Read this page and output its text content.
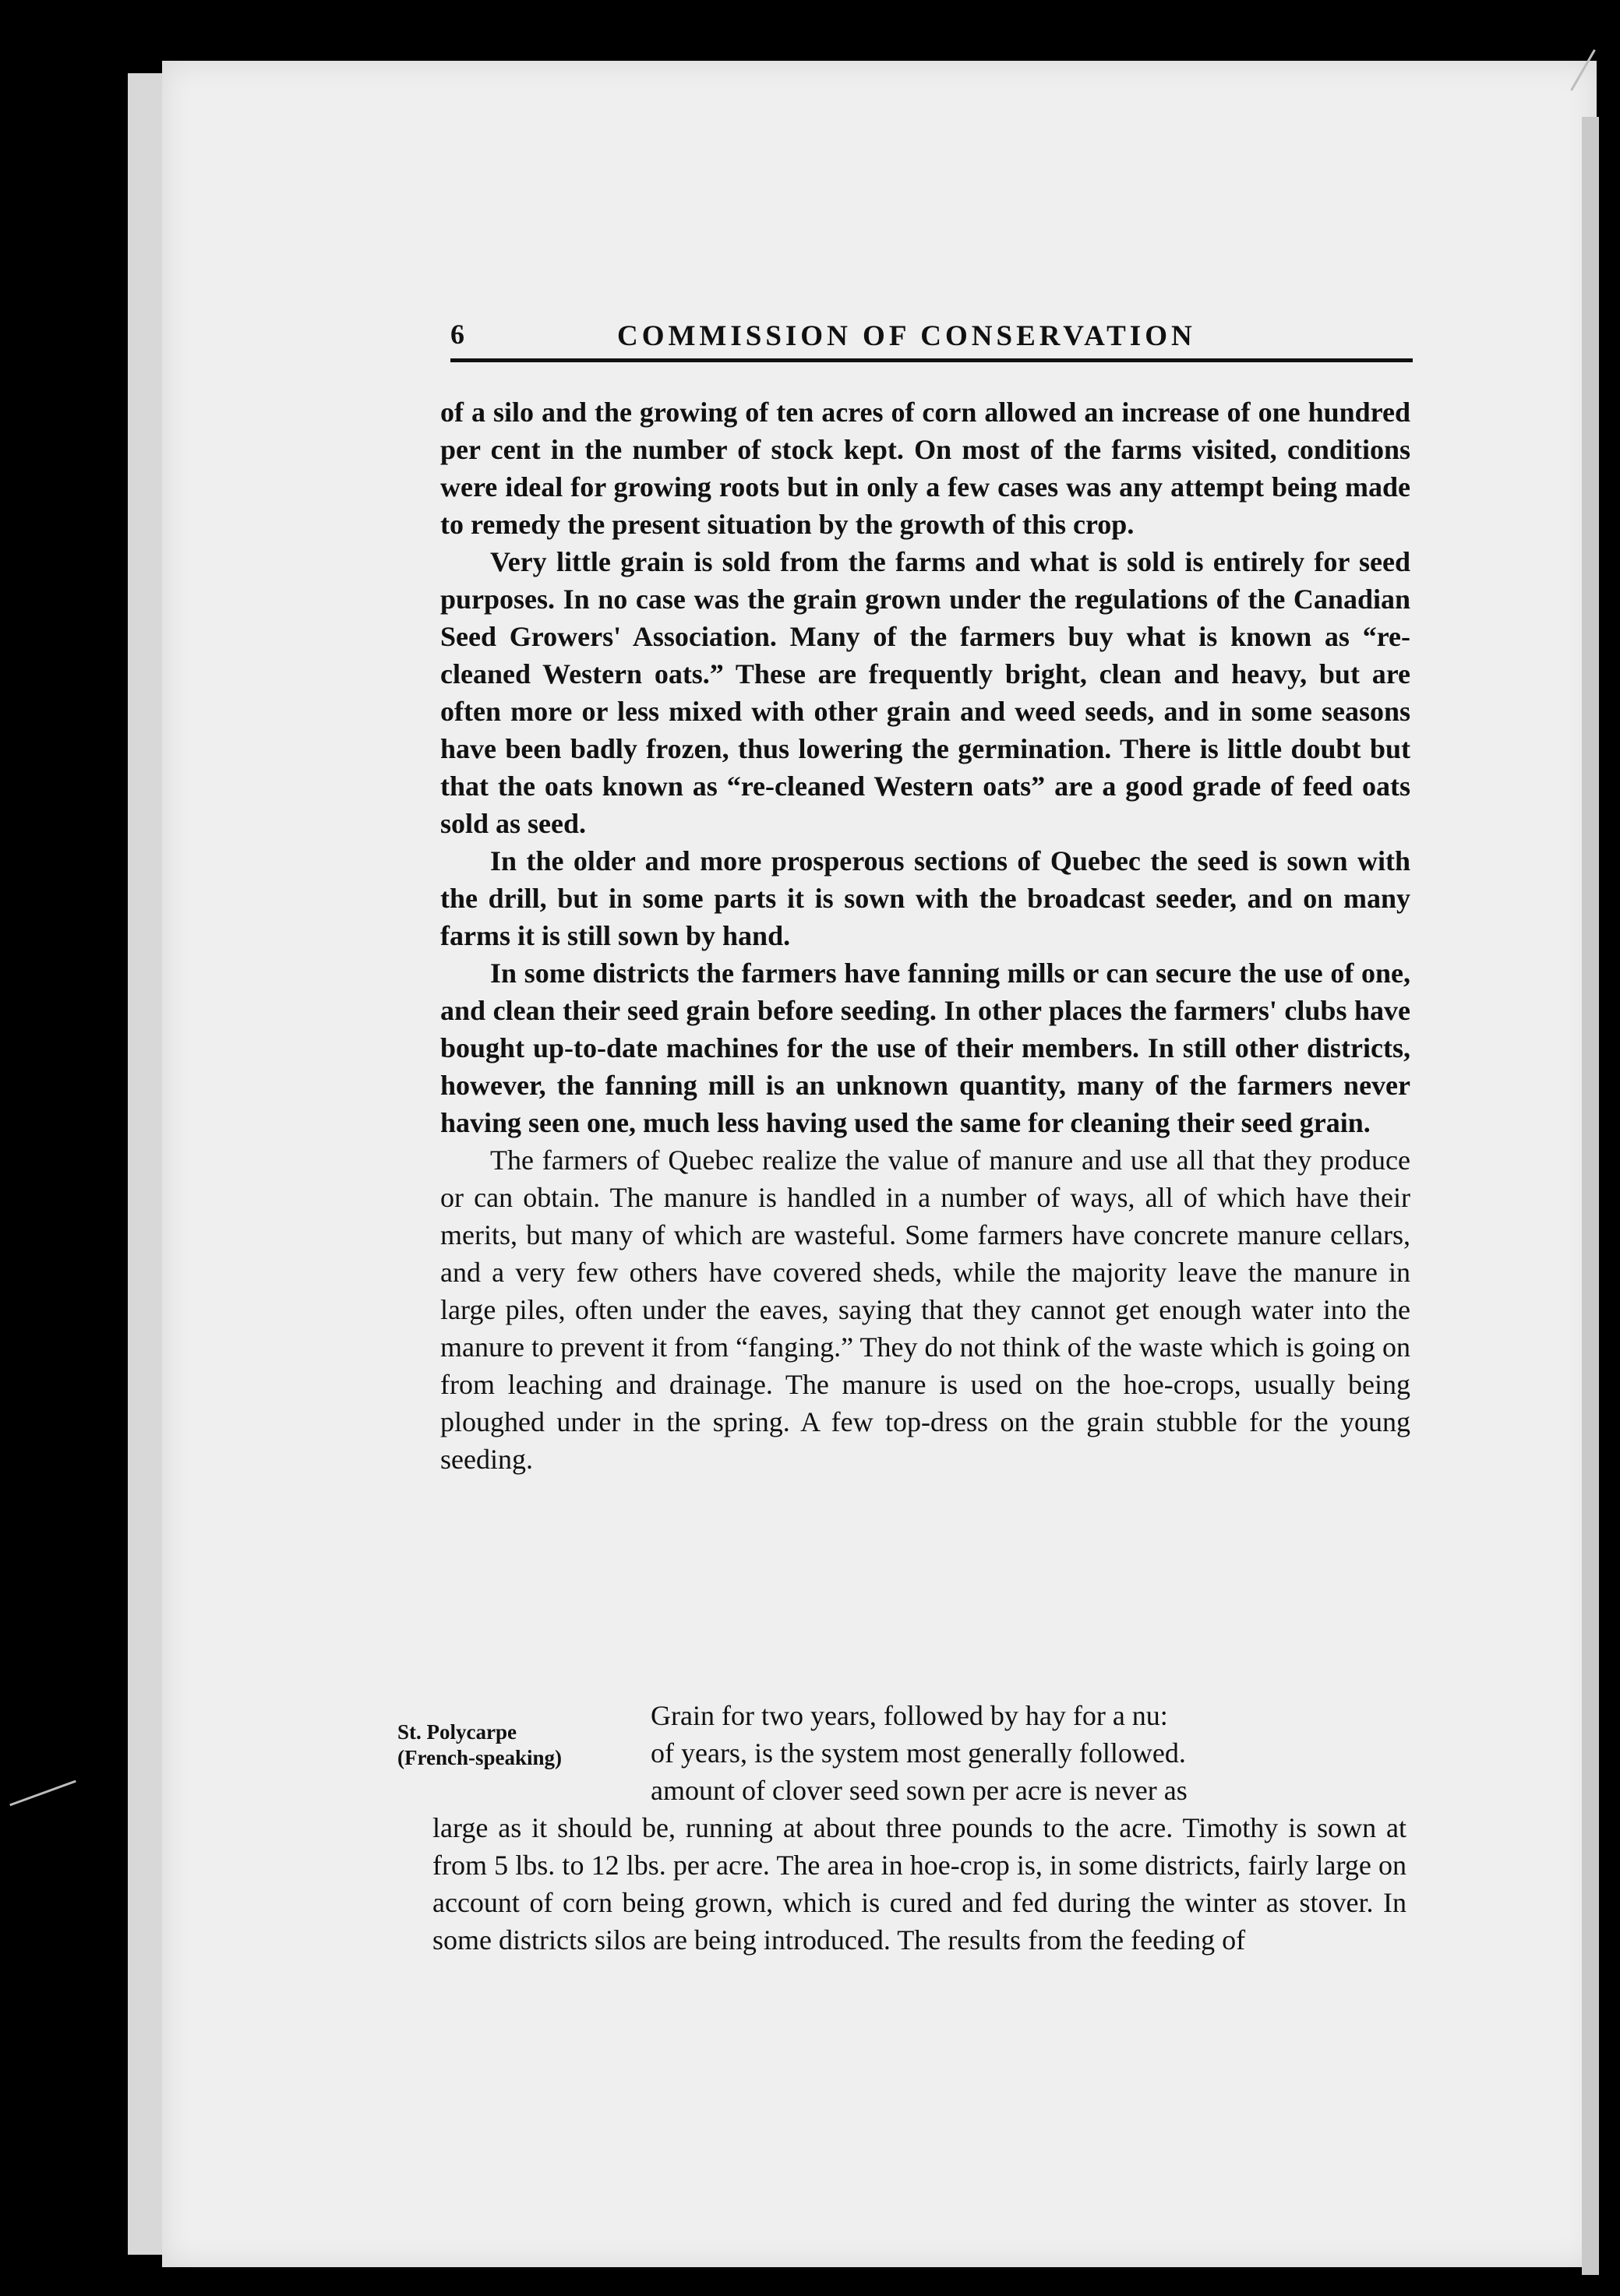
6	COMMISSION OF CONSERVATION

of a silo and the growing of ten acres of corn allowed an increase of one hundred per cent in the number of stock kept. On most of the farms visited, conditions were ideal for growing roots but in only a few cases was any attempt being made to remedy the present situation by the growth of this crop.

Very little grain is sold from the farms and what is sold is entirely for seed purposes. In no case was the grain grown under the regulations of the Canadian Seed Growers' Association. Many of the farmers buy what is known as “re-cleaned Western oats.” These are frequently bright, clean and heavy, but are often more or less mixed with other grain and weed seeds, and in some seasons have been badly frozen, thus lowering the germination. There is little doubt but that the oats known as “re-cleaned Western oats” are a good grade of feed oats sold as seed.

In the older and more prosperous sections of Quebec the seed is sown with the drill, but in some parts it is sown with the broadcast seeder, and on many farms it is still sown by hand.

In some districts the farmers have fanning mills or can secure the use of one, and clean their seed grain before seeding. In other places the farmers' clubs have bought up-to-date machines for the use of their members. In still other districts, however, the fanning mill is an unknown quantity, many of the farmers never having seen one, much less having used the same for cleaning their seed grain.

The farmers of Quebec realize the value of manure and use all that they produce or can obtain. The manure is handled in a number of ways, all of which have their merits, but many of which are wasteful. Some farmers have concrete manure cellars, and a very few others have covered sheds, while the majority leave the manure in large piles, often under the eaves, saying that they cannot get enough water into the manure to prevent it from “fanging.” They do not think of the waste which is going on from leaching and drainage. The manure is used on the hoe-crops, usually being ploughed under in the spring. A few top-dress on the grain stubble for the young seeding.

St. Polycarpe
(French-speaking)
Grain for two years, followed by hay for a nu:
of years, is the system most generally followed.
amount of clover seed sown per acre is never as
large as it should be, running at about three pounds to the acre. Timothy is sown at from 5 lbs. to 12 lbs. per acre. The area in hoe-crop is, in some districts, fairly large on account of corn being grown, which is cured and fed during the winter as stover. In some districts silos are being introduced. The results from the feeding of
